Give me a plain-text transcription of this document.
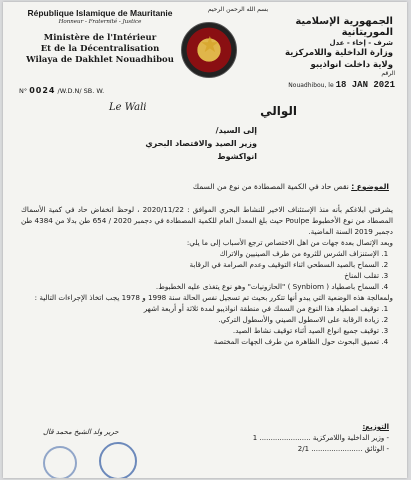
République Islamique de Mauritanie
Honneur - Fraternité - Justice
Ministère de l'Intérieur
Et de la Décentralisation
Wilaya de Dakhlet Nouadhibou
★
بسم الله الرحمن الرحيم
الجمهورية الإسلامية الموريتانية
شرف - إخاء - عدل
وزارة الداخلية واللامركزية
ولاية داخلت انواذيبو
N° 0024 /W.D.N/ SB. W.
الرقم
Nouadhibou, le 18 JAN 2021
Le Wali	الوالي
إلى السيد/
وزير الصيد والاقتصاد البحري
انواكشوط
الموضوع : نقص حاد في الكمية المصطادة من نوع من السمك

يشرفني ابلاغكم بأنه منذ الإستئناف الاخير للنشاط البحري الموافق : 2020/11/22 ، لوحظ انخفاض حاد في كمية الأسماك المصطاد من نوع الأخطبوط Poulpe حيث بلغ المعدل العام للكمية المصطادة في دجمبر 2020 / 654 طن بدلا من 4384 طن دجمبر 2019 السنة الماضية.

وبعد الإتصال بعدة جهات من اهل الاختصاص ترجع الأسباب إلى ما يلي:

1. الإستنزاف الشرس للثروة من طرف الصينيين والاتراك
2. السماح بالصيد السطحي اثناء التوقيف وعدم الصرامة في الرقابة
3. تقلب المناخ
4. السماح باصطياد ( Synbiom ) "الحازونيات" وهو نوع يتغذى عليه الخطبوط.

ولمعالجة هذه الوضعية التي يبدو أنها تتكرر بحيث تم تسجيل نفس الحالة سنة 1998 و 1978 يجب اتخاذ الإجراءات التالية :

1. توقيف اصطياد هذا النوع من السمك في منطقة انواذيبو لمدة ثلاثة أو أربعة اشهر
2. زيادة الرقابة على الاسطول الصيني والأسطول التركي.
3. توقيف جميع انواع الصيد أثناء توقيف نشاط الصيد.
4. تعميق البحوث حول الظاهرة من طرف الجهات المختصة
حرير ولد الشيخ محمد قال
التوزيع:
- وزير الداخلية واللامركزية ....................... 1
- الوثائق ....................... 2/1
